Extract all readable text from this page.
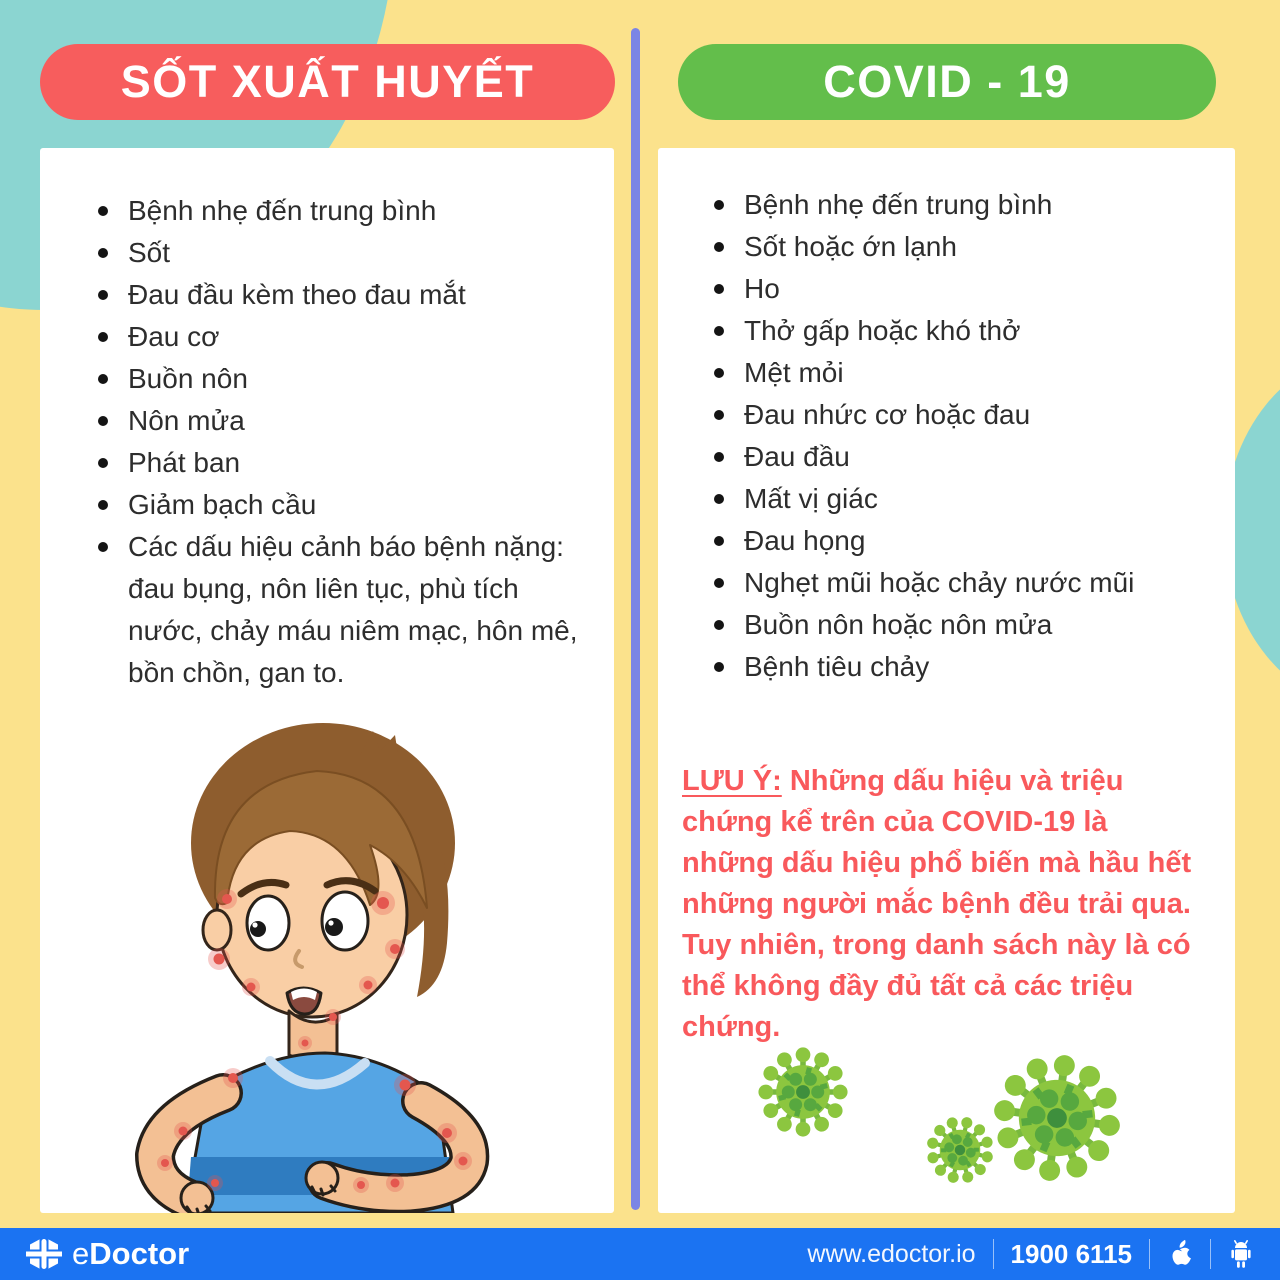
SỐT XUẤT HUYẾT	COVID - 19
Bệnh nhẹ đến trung bình
Sốt
Đau đầu kèm theo đau mắt
Đau cơ
Buồn nôn
Nôn mửa
Phát ban
Giảm bạch cầu
Các dấu hiệu cảnh báo bệnh nặng: đau bụng, nôn liên tục, phù tích nước, chảy máu niêm mạc, hôn mê, bồn chồn, gan to.
Bệnh nhẹ đến trung bình
Sốt hoặc ớn lạnh
Ho
Thở gấp hoặc khó thở
Mệt mỏi
Đau nhức cơ hoặc đau
Đau đầu
Mất vị giác
Đau họng
Nghẹt mũi hoặc chảy nước mũi
Buồn nôn hoặc nôn mửa
Bệnh tiêu chảy

LƯU Ý: Những dấu hiệu và triệu chứng kể trên của COVID-19 là những dấu hiệu phổ biến mà hầu hết những người mắc bệnh đều trải qua. Tuy nhiên, trong danh sách này là có thể không đầy đủ tất cả các triệu chứng.

eDoctor	www.edoctor.io 1900 6115
